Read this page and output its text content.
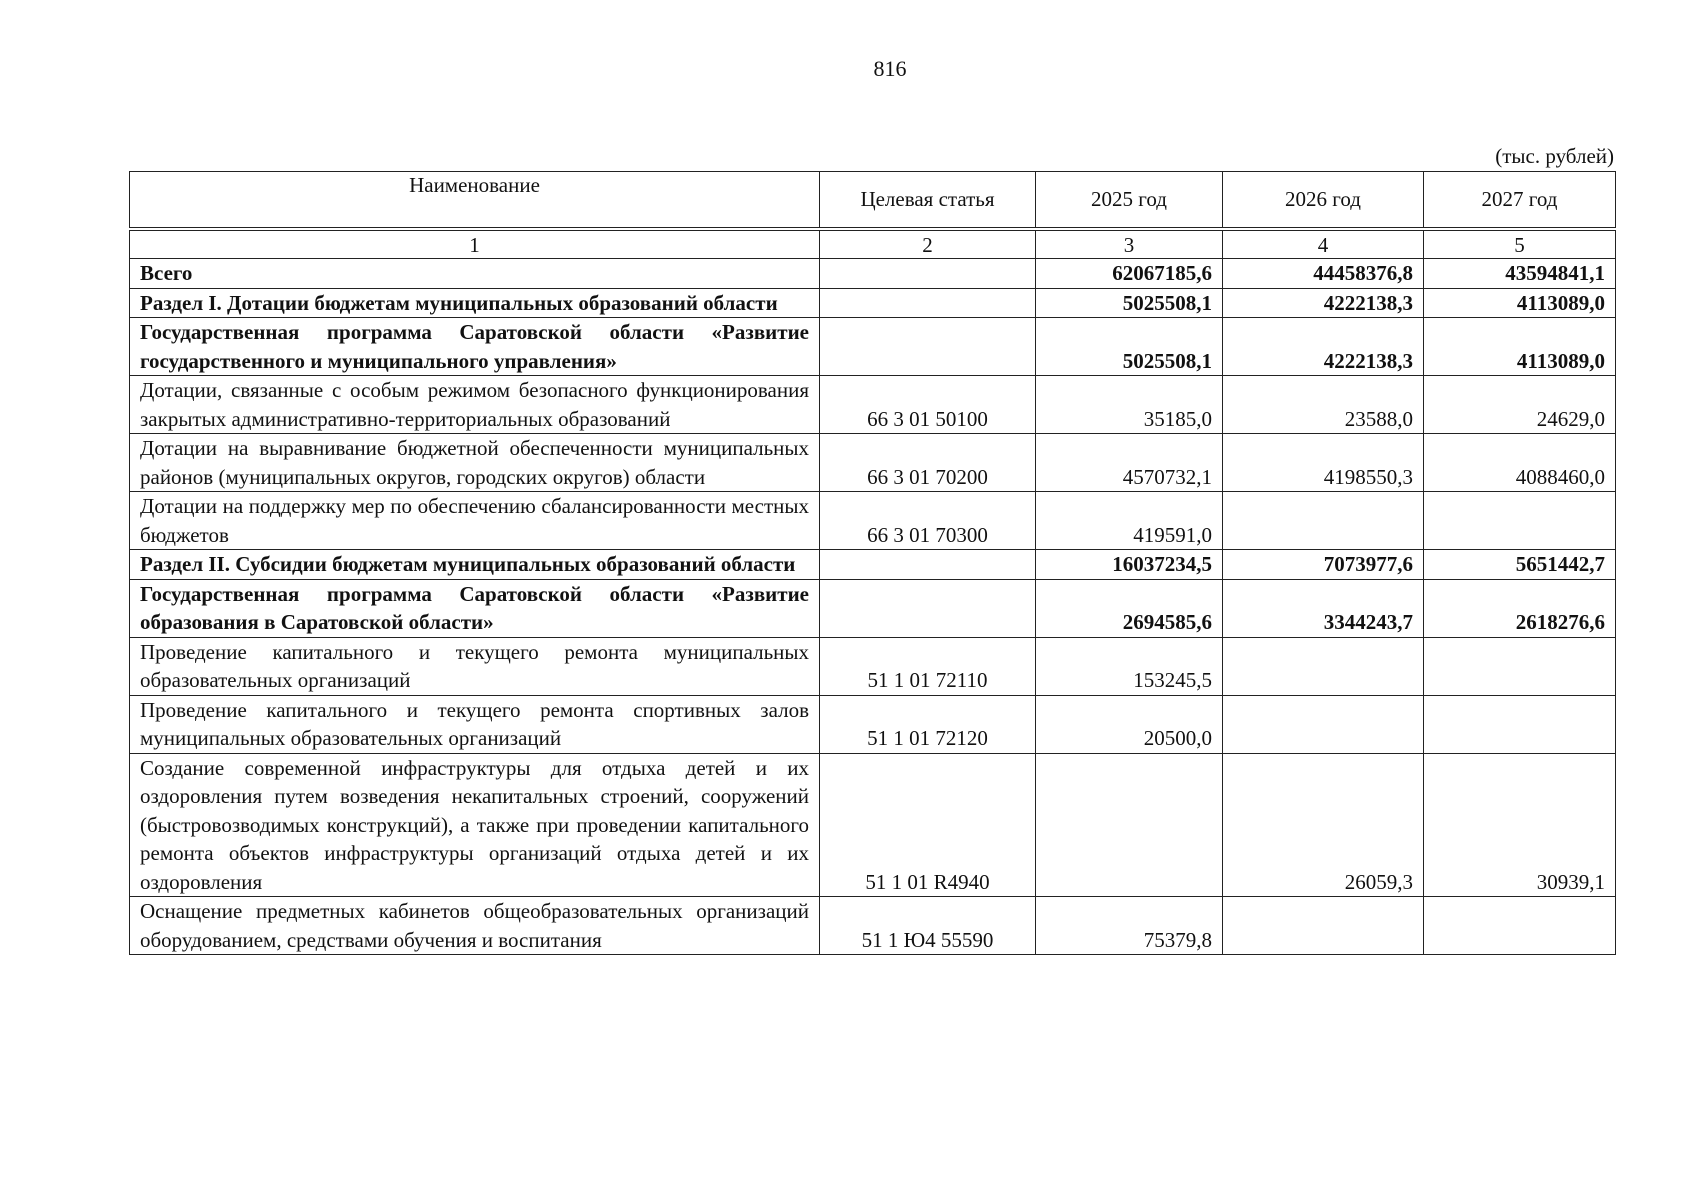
816
(тыс. рублей)
Наименование	Целевая статья	2025 год	2026 год	2027 год
1	2	3	4	5
Всего		62067185,6	44458376,8	43594841,1
Раздел I. Дотации бюджетам муниципальных образований области		5025508,1	4222138,3	4113089,0
Государственная программа Саратовской области «Развитие государственного и муниципального управления»		5025508,1	4222138,3	4113089,0
Дотации, связанные с особым режимом безопасного функционирования закрытых административно-территориальных образований	66 3 01 50100	35185,0	23588,0	24629,0
Дотации на выравнивание бюджетной обеспеченности муниципальных районов (муниципальных округов, городских округов) области	66 3 01 70200	4570732,1	4198550,3	4088460,0
Дотации на поддержку мер по обеспечению сбалансированности местных бюджетов	66 3 01 70300	419591,0		
Раздел II. Субсидии бюджетам муниципальных образований области		16037234,5	7073977,6	5651442,7
Государственная программа Саратовской области «Развитие образования в Саратовской области»		2694585,6	3344243,7	2618276,6
Проведение капитального и текущего ремонта муниципальных образовательных организаций	51 1 01 72110	153245,5		
Проведение капитального и текущего ремонта спортивных залов муниципальных образовательных организаций	51 1 01 72120	20500,0		
Создание современной инфраструктуры для отдыха детей и их оздоровления путем возведения некапитальных строений, сооружений (быстровозводимых конструкций), а также при проведении капитального ремонта объектов инфраструктуры организаций отдыха детей и их оздоровления	51 1 01 R4940		26059,3	30939,1
Оснащение предметных кабинетов общеобразовательных организаций оборудованием, средствами обучения и воспитания	51 1 Ю4 55590	75379,8		
